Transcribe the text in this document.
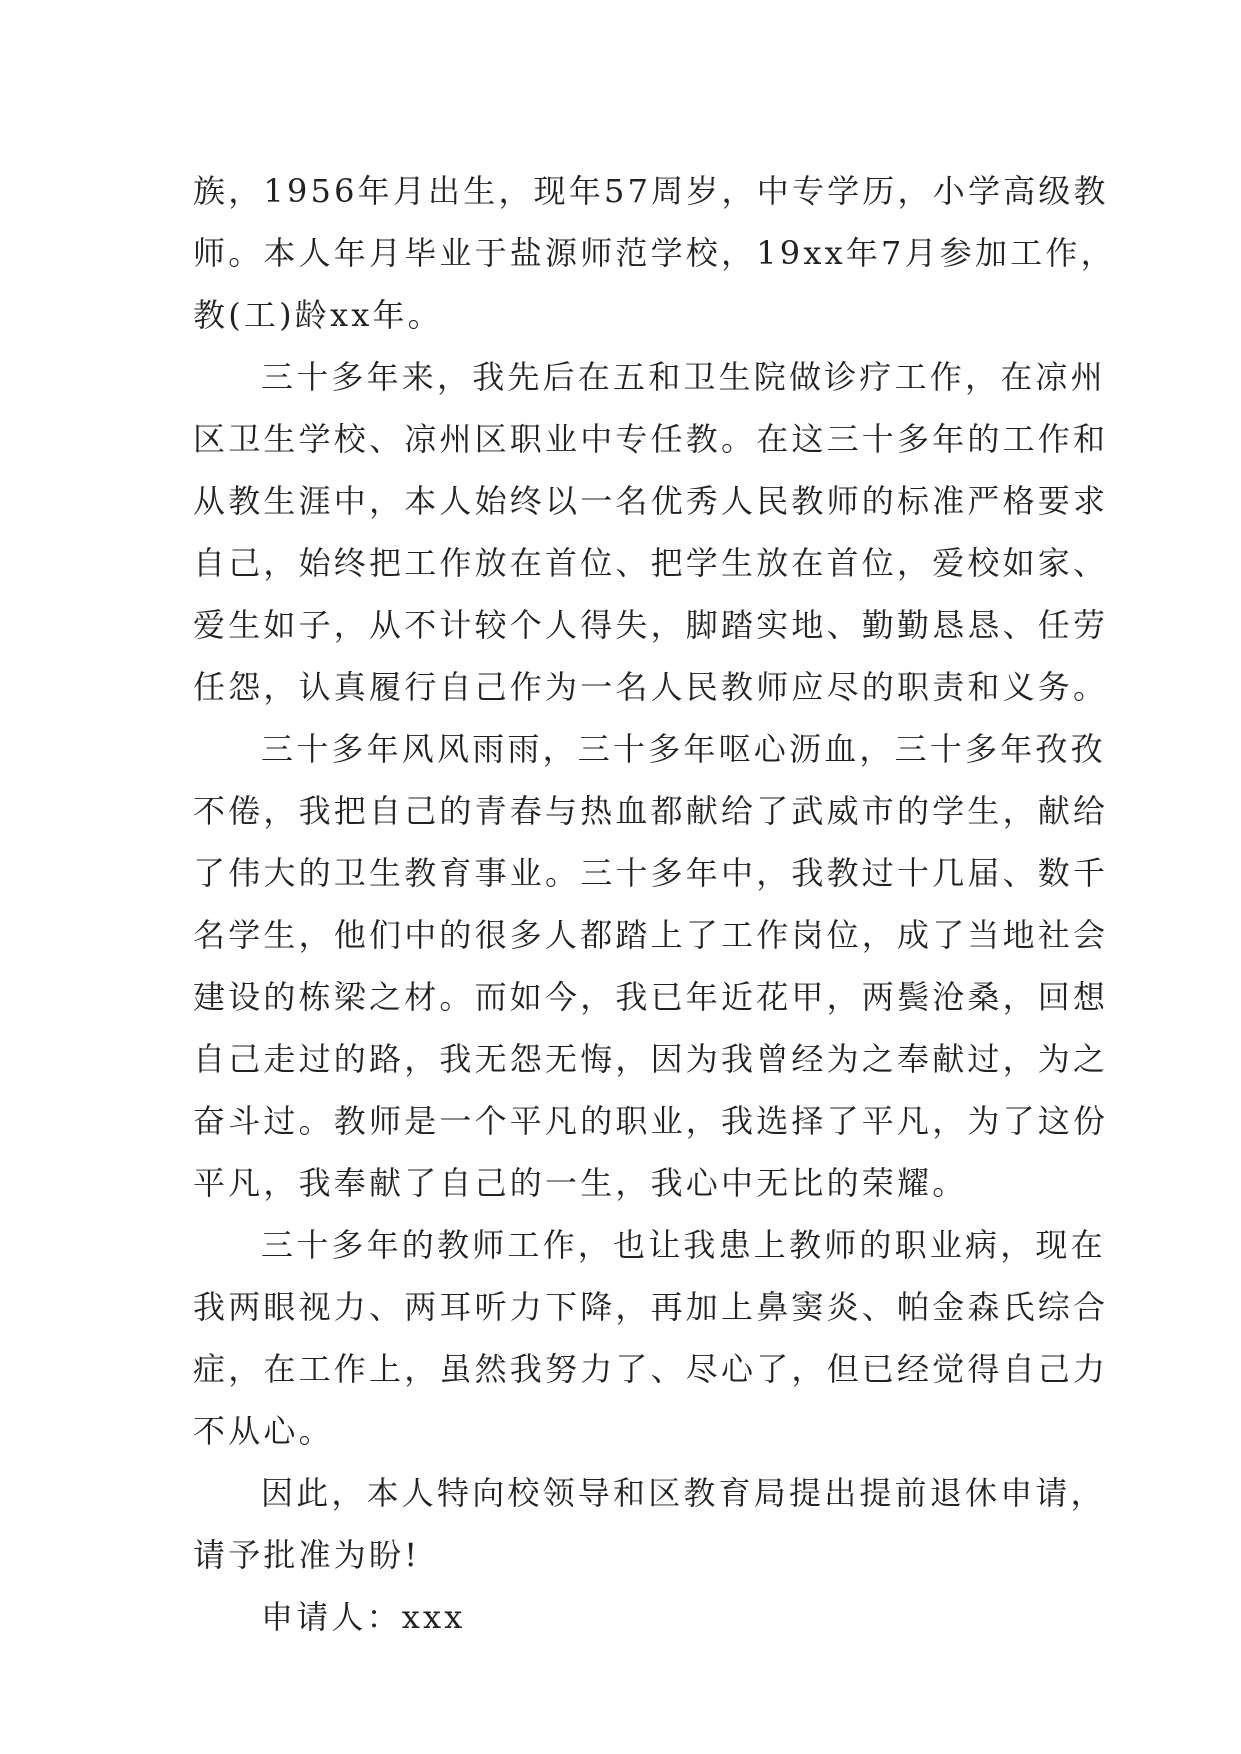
族，1956年月出生，现年57周岁，中专学历，小学高级教
师。本人年月毕业于盐源师范学校，19xx年7月参加工作，
教(工)龄xx年。
三十多年来，我先后在五和卫生院做诊疗工作，在凉州
区卫生学校、凉州区职业中专任教。在这三十多年的工作和
从教生涯中，本人始终以一名优秀人民教师的标准严格要求
自己，始终把工作放在首位、把学生放在首位，爱校如家、
爱生如子，从不计较个人得失，脚踏实地、勤勤恳恳、任劳
任怨，认真履行自己作为一名人民教师应尽的职责和义务。
三十多年风风雨雨，三十多年呕心沥血，三十多年孜孜
不倦，我把自己的青春与热血都献给了武威市的学生，献给
了伟大的卫生教育事业。三十多年中，我教过十几届、数千
名学生，他们中的很多人都踏上了工作岗位，成了当地社会
建设的栋梁之材。而如今，我已年近花甲，两鬓沧桑，回想
自己走过的路，我无怨无悔，因为我曾经为之奉献过，为之
奋斗过。教师是一个平凡的职业，我选择了平凡，为了这份
平凡，我奉献了自己的一生，我心中无比的荣耀。
三十多年的教师工作，也让我患上教师的职业病，现在
我两眼视力、两耳听力下降，再加上鼻窦炎、帕金森氏综合
症，在工作上，虽然我努力了、尽心了，但已经觉得自己力
不从心。
因此，本人特向校领导和区教育局提出提前退休申请，
请予批准为盼!
申请人：xxx
